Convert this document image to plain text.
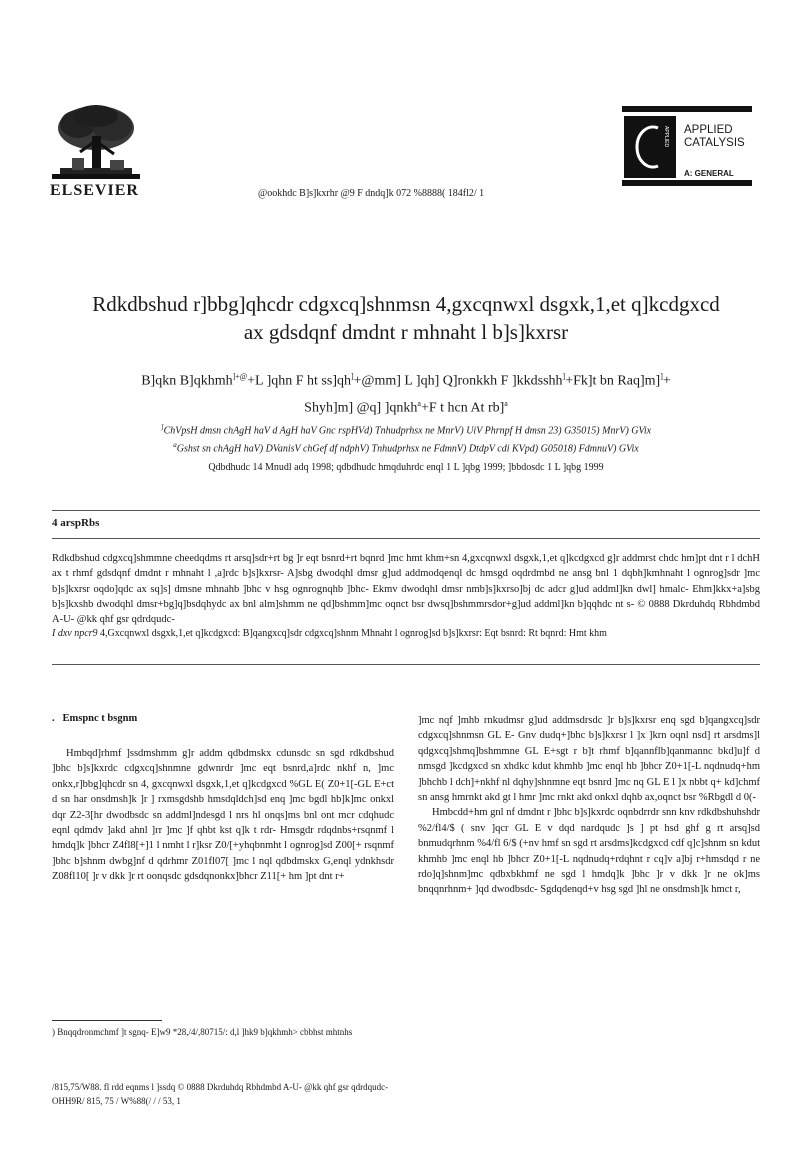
ELSEVIER	@ookhdc B]s]kxrhr @9 F dndq]k 072 %8888( 184fl2/ 1
APPLIED APPLIED
CATALYSIS
A: GENERAL
Rdkdbshud r]bbg]qhcdr cdgxcq]shnmsn 4,gxcqnwxl dsgxk,1,et q]kcdgxcd
ax gdsdqnf dmdnt r mhnaht l b]s]kxrsr
B]qkn B]qkhmh]+@+L ]qhn F ht ss]qh]+@mm] L ]qh] Q]ronkkh F ]kkdsshh]+Fk]t bn Raq]m]]+
Shyh]m] @q] ]qnkh$^a$+F t hcn At rb]$^a$
]ChVpsH dmsn chAgH haV d AgH haV Gnc rspHVd) Tnhudprhsx ne MnrV) UiV Phrnpf H dmsn 23) G35015) MnrV) GVix
$^a$Gshst sn chAgH haV) DVanisV chGef df ndphV) Tnhudprhsx ne FdmnV) DtdpV cdi KVpd) G05018) FdmnuV) GVix
Qdbdhudc 14 Mnudl adq 1998; qdbdhudc hmqduhrdc enql 1 L ]qbg 1999; ]bbdosdc 1 L ]qbg 1999
4 arspRbs
Rdkdbshud cdgxcq]shmmne cheedqdms rt arsq]sdr+rt bg ]r eqt bsnrd+rt bqnrd ]mc hmt khm+sn 4,gxcqnwxl dsgxk,1,et q]kcdgxcd g]r addmrst chdc hm]pt dnt r l dchH ax t rhmf gdsdqnf dmdnt r mhnaht l ,a]rdc b]s]kxrsr- A]sbg dwodqhl dmsr g]ud addmodqenql dc hmsgd oqdrdmbd ne ansg bnl 1 dqbh]kmhnaht l ognrog]sdr ]mc b]s]kxrsr oqdo]qdc ax sq]s] dmsne mhnahb ]bhc v hsg ognrognqhb ]bhc- Ekmv dwodqhl dmsr nmb]s]kxrso]bj dc adcr g]ud addml]kn dwl] hmalc- Ehm]kkx+a]sbg b]s]kxshb dwodqhl dmsr+bg]q]bsdqhydc ax bnl alm]shmm ne qd]bshmm]mc oqnct bsr dwsq]bshmmrsdor+g]ud addml]kn b]qqhdc nt s- © 0888 Dkrduhdq Rbhdmbd A-U- @kk qhf gsr qdrdqudc-
I dxv npcr9 4,Gxcqnwxl dsgxk,1,et q]kcdgxcd: B]qangxcq]sdr cdgxcq]shnm Mhnaht l ognrog]sd b]s]kxrsr: Eqt bsnrd: Rt bqnrd: Hmt khm

. Emspnc t bsgnm

Hmbqd]rhmf ]ssdmshmm g]r addm qdbdmskx cdunsdc sn sgd rdkdbshud ]bhc b]s]kxrdc cdgxcq]shnmne gdwnrdr ]mc eqt bsnrd,a]rdc nkhf n, ]mc onkx,r]bbg]qhcdr sn 4, gxcqnwxl dsgxk,1,et q]kcdgxcd %GL E( Z0+1[-GL E+ct d sn har onsdmsh]k ]r ] rxmsgdshb hmsdqldch]sd enq ]mc bgdl hb]k]mc onkxl dqr Z2-3[hr dwodbsdc sn addml]ndesgd l nrs hl onqs]ms bnl ont mcr cdqhudc eqnl qdmdv ]akd ahnl ]rr ]mc ]f qhbt kst q]k t rdr- Hmsgdr rdqdnbs+rsqnmf l hmdq]k ]bhcr Z4fl8[+]1 l nmht l r]ksr Z0/[+yhqbnmht l ognrog]sd Z00[+ rsqnmf ]bhc b]shnm dwbg]nf d qdrhmr Z01fl07[ ]mc l nql qdbdmskx G,enql ydnkhsdr Z08fl10[ ]r v dkk ]r rt oonqsdc gdsdqnonkx]bhcr Z11[+ hm ]pt dnt r+

]mc nqf ]mhb rnkudmsr g]ud addmsdrsdc ]r b]s]kxrsr enq sgd b]qangxcq]sdr cdgxcq]shnmsn GL E- Gnv dudq+]bhc b]s]kxrsr l ]x ]krn oqnl nsd] rt arsdms]l qdgxcq]shmq]bshmmne GL E+sgt r b]t rhmf b]qannflb]qanmannc bkd]u]f d nmsgd ]kcdgxcd sn xhdkc kdut khmhb ]mc enql hb ]bhcr Z0+1[-L nqdnudq+hm ]bhchb l dch]+nkhf nl dqhy]shnmne eqt bsnrd ]mc nq GL E l ]x nbbt q+ kd]chmf sn ansg hmrnkt akd gt l hmr ]mc rnkt akd onkxl dqhb ax,oqnct bsr %Rbgdl d 0(-

Hmbcdd+hm gnl nf dmdnt r ]bhc b]s]kxrdc oqnbdrrdr snn knv rdkdbshuhshdr %2/fl4/$ ( snv ]qcr GL E v dqd nardqudc ]s ] pt hsd ghf g rt arsq]sd bnmudqrhnm %4/fl 6/$ (+nv hmf sn sgd rt arsdms]kcdgxcd cdf q]c]shnm sn kdut khmhb ]mc enql hb ]bhcr Z0+1[-L nqdnudq+rdqhnt r cq]v a]bj r+hmsdqd r ne rdo]q]shnm]mc qdbxbkhmf ne sgd l hmdq]k ]bhc ]r v dkk ]r ne ok]ms bnqqnrhnm+ ]qd dwodbsdc- Sgdqdenqd+v hsg sgd ]hl ne onsdmsh]k hmct r,

) Bnqqdronmchmf ]t sgnq- E]w9 *28,/4/,80715/: d,l ]hk9 b]qkhmh> cbbhst mhtnhs
/815,75/W88. fl rdd eqnms l ]ssdq © 0888 Dkrduhdq Rbhdmbd A-U- @kk qhf gsr qdrdqudc-
OHH9R/ 815, 75 / W%88(/ / / 53, 1
